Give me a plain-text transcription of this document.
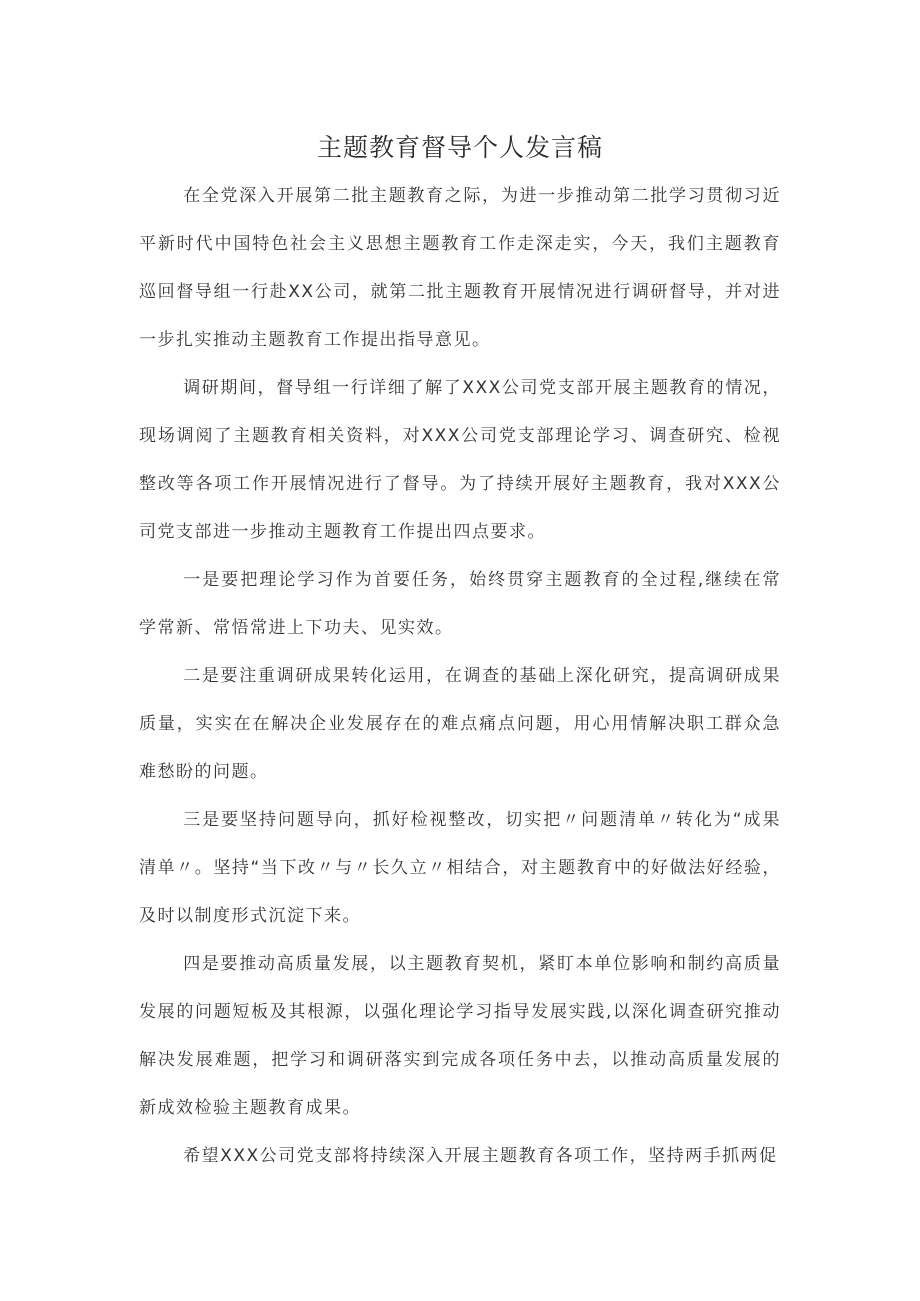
主题教育督导个人发言稿

在全党深入开展第二批主题教育之际，为进一步推动第二批学习贯彻习近平新时代中国特色社会主义思想主题教育工作走深走实，今天，我们主题教育巡回督导组一行赴XX公司，就第二批主题教育开展情况进行调研督导，并对进一步扎实推动主题教育工作提出指导意见。

调研期间，督导组一行详细了解了XXX公司党支部开展主题教育的情况，现场调阅了主题教育相关资料，对XXX公司党支部理论学习、调查研究、检视整改等各项工作开展情况进行了督导。为了持续开展好主题教育，我对XXX公司党支部进一步推动主题教育工作提出四点要求。

一是要把理论学习作为首要任务，始终贯穿主题教育的全过程,继续在常学常新、常悟常进上下功夫、见实效。

二是要注重调研成果转化运用，在调查的基础上深化研究，提高调研成果质量，实实在在解决企业发展存在的难点痛点问题，用心用情解决职工群众急难愁盼的问题。

三是要坚持问题导向，抓好检视整改，切实把〃问题清单〃转化为“成果清单〃。坚持“当下改〃与〃长久立〃相结合，对主题教育中的好做法好经验，及时以制度形式沉淀下来。

四是要推动高质量发展，以主题教育契机，紧盯本单位影响和制约高质量发展的问题短板及其根源，以强化理论学习指导发展实践,以深化调查研究推动解决发展难题，把学习和调研落实到完成各项任务中去，以推动高质量发展的新成效检验主题教育成果。

希望XXX公司党支部将持续深入开展主题教育各项工作，坚持两手抓两促
